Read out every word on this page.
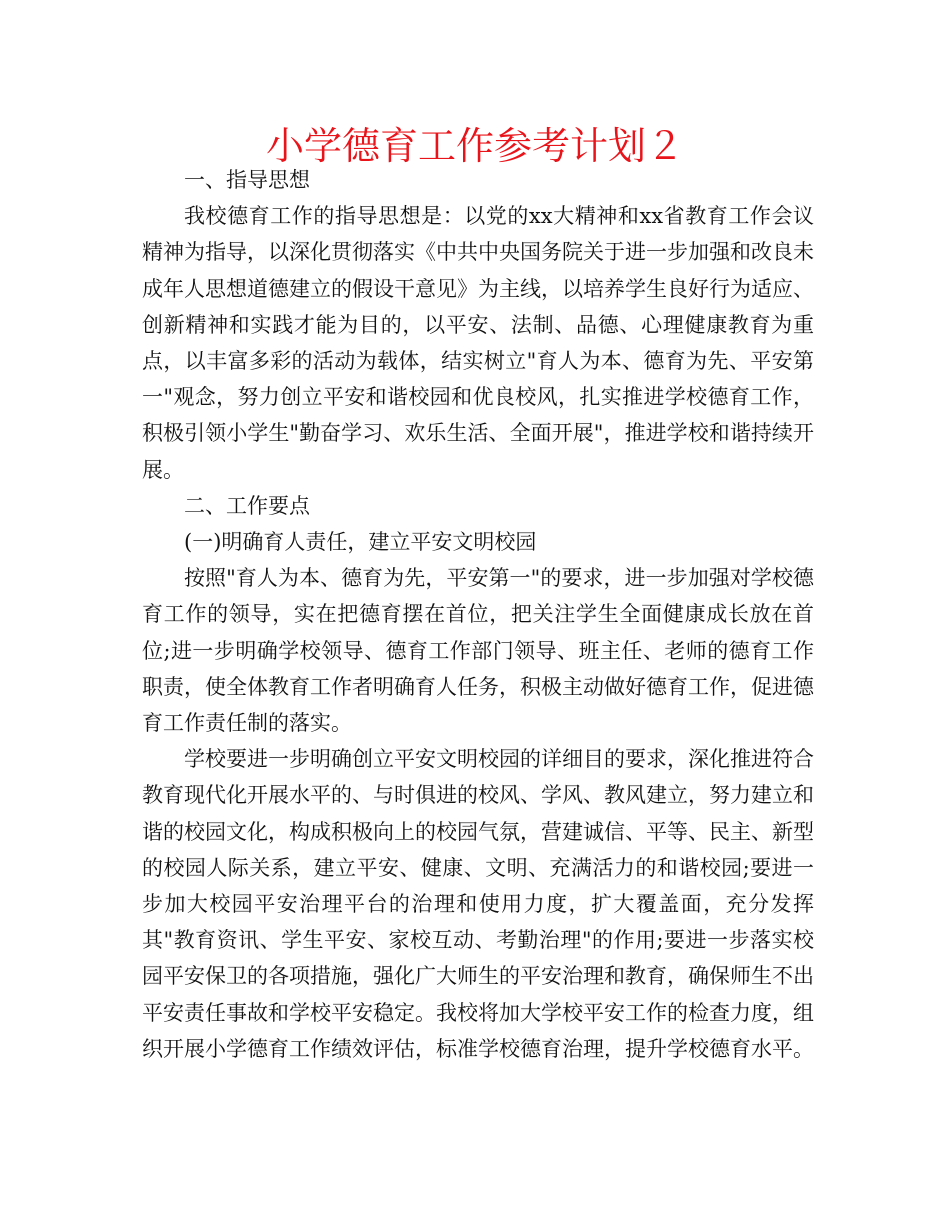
小学德育工作参考计划２

一、指导思想

我校德育工作的指导思想是：以党的xx大精神和xx省教育工作会议精神为指导，以深化贯彻落实《中共中央国务院关于进一步加强和改良未成年人思想道德建立的假设干意见》为主线，以培养学生良好行为适应、创新精神和实践才能为目的，以平安、法制、品德、心理健康教育为重点，以丰富多彩的活动为载体，结实树立"育人为本、德育为先、平安第一"观念，努力创立平安和谐校园和优良校风，扎实推进学校德育工作，积极引领小学生"勤奋学习、欢乐生活、全面开展"，推进学校和谐持续开展。

二、工作要点

(一)明确育人责任，建立平安文明校园

按照"育人为本、德育为先，平安第一"的要求，进一步加强对学校德育工作的领导，实在把德育摆在首位，把关注学生全面健康成长放在首位;进一步明确学校领导、德育工作部门领导、班主任、老师的德育工作职责，使全体教育工作者明确育人任务，积极主动做好德育工作，促进德育工作责任制的落实。

学校要进一步明确创立平安文明校园的详细目的要求，深化推进符合教育现代化开展水平的、与时俱进的校风、学风、教风建立，努力建立和谐的校园文化，构成积极向上的校园气氛，营建诚信、平等、民主、新型的校园人际关系，建立平安、健康、文明、充满活力的和谐校园;要进一步加大校园平安治理平台的治理和使用力度，扩大覆盖面，充分发挥其"教育资讯、学生平安、家校互动、考勤治理"的作用;要进一步落实校园平安保卫的各项措施，强化广大师生的平安治理和教育，确保师生不出平安责任事故和学校平安稳定。我校将加大学校平安工作的检查力度，组织开展小学德育工作绩效评估，标准学校德育治理，提升学校德育水平。
